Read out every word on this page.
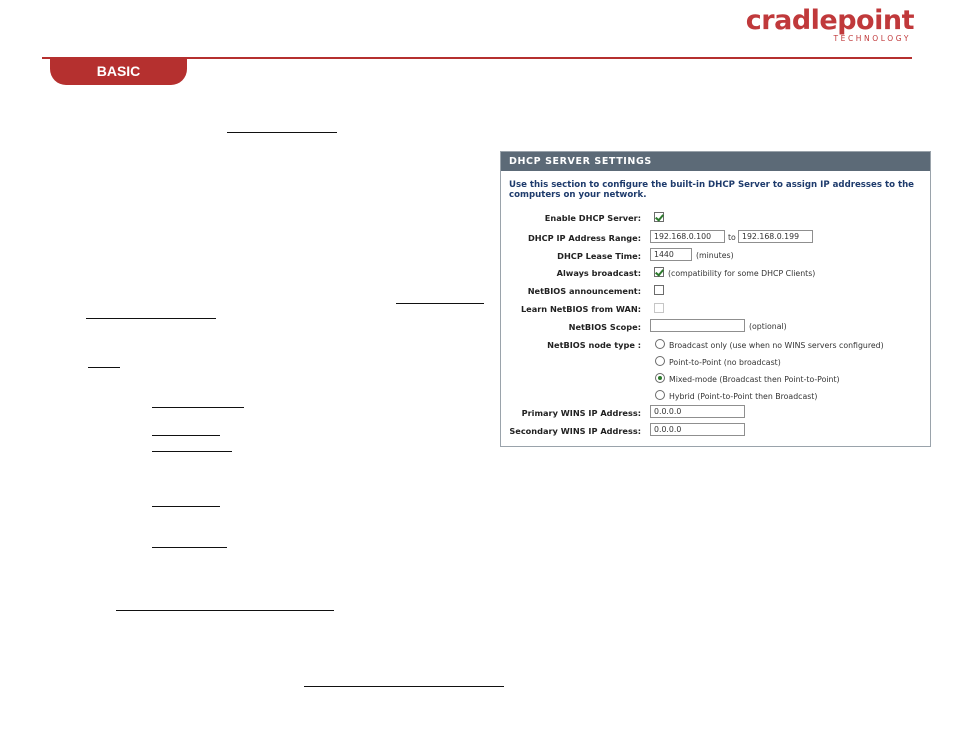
cradlepoint
TECHNOLOGY
BASIC
DHCP SERVER SETTINGS
Use this section to configure the built-in DHCP Server to assign IP addresses to the computers on your network.
Enable DHCP Server:
DHCP IP Address Range:	192.168.0.100	to 192.168.0.199
DHCP Lease Time:	1440	(minutes)
Always broadcast:	(compatibility for some DHCP Clients)
NetBIOS announcement:
Learn NetBIOS from WAN:
NetBIOS Scope:	(optional)
NetBIOS node type :	Broadcast only (use when no WINS servers configured)
Point-to-Point (no broadcast)
Mixed-mode (Broadcast then Point-to-Point)
Hybrid (Point-to-Point then Broadcast)
Primary WINS IP Address:	0.0.0.0
Secondary WINS IP Address:	0.0.0.0
